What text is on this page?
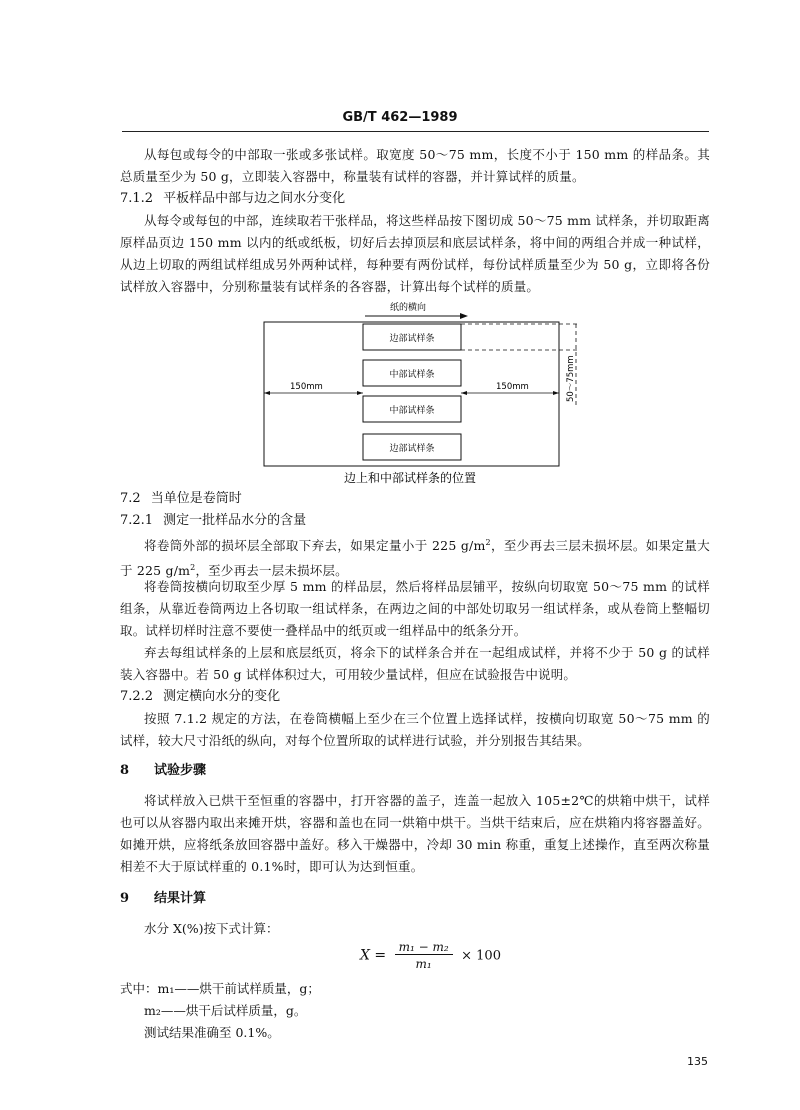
GB/T 462—1989
从每包或每令的中部取一张或多张试样。取宽度 50～75 mm，长度不小于 150 mm 的样品条。其总质量至少为 50 g，立即装入容器中，称量装有试样的容器，并计算试样的质量。
7.1.2 平板样品中部与边之间水分变化
从每令或每包的中部，连续取若干张样品，将这些样品按下图切成 50～75 mm 试样条，并切取距离原样品页边 150 mm 以内的纸或纸板，切好后去掉顶层和底层试样条，将中间的两组合并成一种试样，从边上切取的两组试样组成另外两种试样，每种要有两份试样，每份试样质量至少为 50 g，立即将各份试样放入容器中，分别称量装有试样条的各容器，计算出每个试样的质量。
纸的横向
边部试样条
中部试样条
中部试样条
边部试样条
150mm	150mm	50～75mm
边上和中部试样条的位置
7.2 当单位是卷筒时
7.2.1 测定一批样品水分的含量
将卷筒外部的损坏层全部取下弃去，如果定量小于 225 $g/m^2$，至少再去三层未损坏层。如果定量大于 225 $g/m^2$，至少再去一层未损坏层。
将卷筒按横向切取至少厚 5 mm 的样品层，然后将样品层铺平，按纵向切取宽 50～75 mm 的试样组条，从靠近卷筒两边上各切取一组试样条，在两边之间的中部处切取另一组试样条，或从卷筒上整幅切取。试样切样时注意不要使一叠样品中的纸页或一组样品中的纸条分开。
弃去每组试样条的上层和底层纸页，将余下的试样条合并在一起组成试样，并将不少于 50 g 的试样装入容器中。若 50 g 试样体积过大，可用较少量试样，但应在试验报告中说明。
7.2.2 测定横向水分的变化
按照 7.1.2 规定的方法，在卷筒横幅上至少在三个位置上选择试样，按横向切取宽 50～75 mm 的试样，较大尺寸沿纸的纵向，对每个位置所取的试样进行试验，并分别报告其结果。
8 试验步骤
将试样放入已烘干至恒重的容器中，打开容器的盖子，连盖一起放入 105±2℃的烘箱中烘干，试样也可以从容器内取出来摊开烘，容器和盖也在同一烘箱中烘干。当烘干结束后，应在烘箱内将容器盖好。如摊开烘，应将纸条放回容器中盖好。移入干燥器中，冷却 30 min 称重，重复上述操作，直至两次称量相差不大于原试样重的 0.1%时，即可认为达到恒重。
9 结果计算
水分 X(%)按下式计算：
$X = \frac{\text{m₁ − m₂}}{\text{m₁}} \times 100$
式中：m₁——烘干前试样质量，g；
m₂——烘干后试样质量，g。
测试结果准确至 0.1%。
135
